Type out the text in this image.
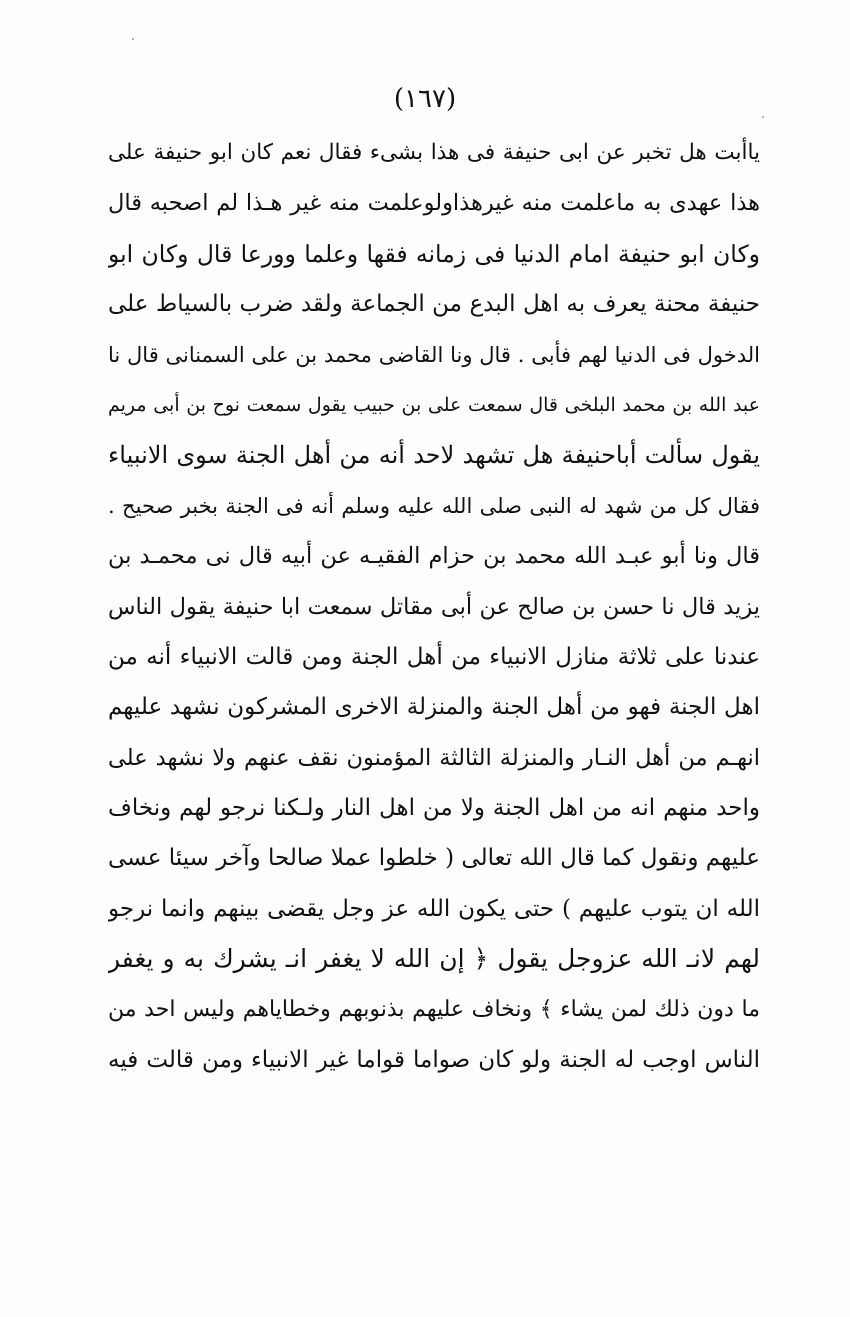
(١٦٧)
ياأبت هل تخبر عن ابى حنيفة فى هذا بشىء فقال نعم كان ابو حنيفة على
هذا عهدى به ماعلمت منه غيرهذاولوعلمت منه غير هـذا لم اصحبه قال
وكان ابو حنيفة امام الدنيا فى زمانه فقها وعلما وورعا قال وكان ابو
حنيفة محنة يعرف به اهل البدع من الجماعة ولقد ضرب بالسياط على
الدخول فى الدنيا لهم فأبى . قال ونا القاضى محمد بن على السمنانى قال نا
عبد الله بن محمد البلخى قال سمعت على بن حبيب يقول سمعت نوح بن أبى مريم
يقول سألت أباحنيفة هل تشهد لاحد أنه من أهل الجنة سوى الانبياء
فقال كل من شهد له النبى صلى الله عليه وسلم أنه فى الجنة بخبر صحيح .
قال ونا أبو عبـد الله محمد بن حزام الفقيـه عن أبيه قال نى محمـد بن
يزيد قال نا حسن بن صالح عن أبى مقاتل سمعت ابا حنيفة يقول الناس
عندنا على ثلاثة منازل الانبياء من أهل الجنة ومن قالت الانبياء أنه من
اهل الجنة فهو من أهل الجنة والمنزلة الاخرى المشركون نشهد عليهم
انهـم من أهل النـار والمنزلة الثالثة المؤمنون نقف عنهم ولا نشهد على
واحد منهم انه من اهل الجنة ولا من اهل النار ولـكنا نرجو لهم ونخاف
عليهم ونقول كما قال الله تعالى ( خلطوا عملا صالحا وآخر سيئا عسى
الله ان يتوب عليهم ) حتى يكون الله عز وجل يقضى بينهم وانما نرجو
لهم لانـ الله عزوجل يقول ﴿ إن الله لا يغفر انـ يشرك به و يغفر
ما دون ذلك لمن يشاء ﴾ ونخاف عليهم بذنوبهم وخطاياهم وليس احد من
الناس اوجب له الجنة ولو كان صواما قواما غير الانبياء ومن قالت فيه
